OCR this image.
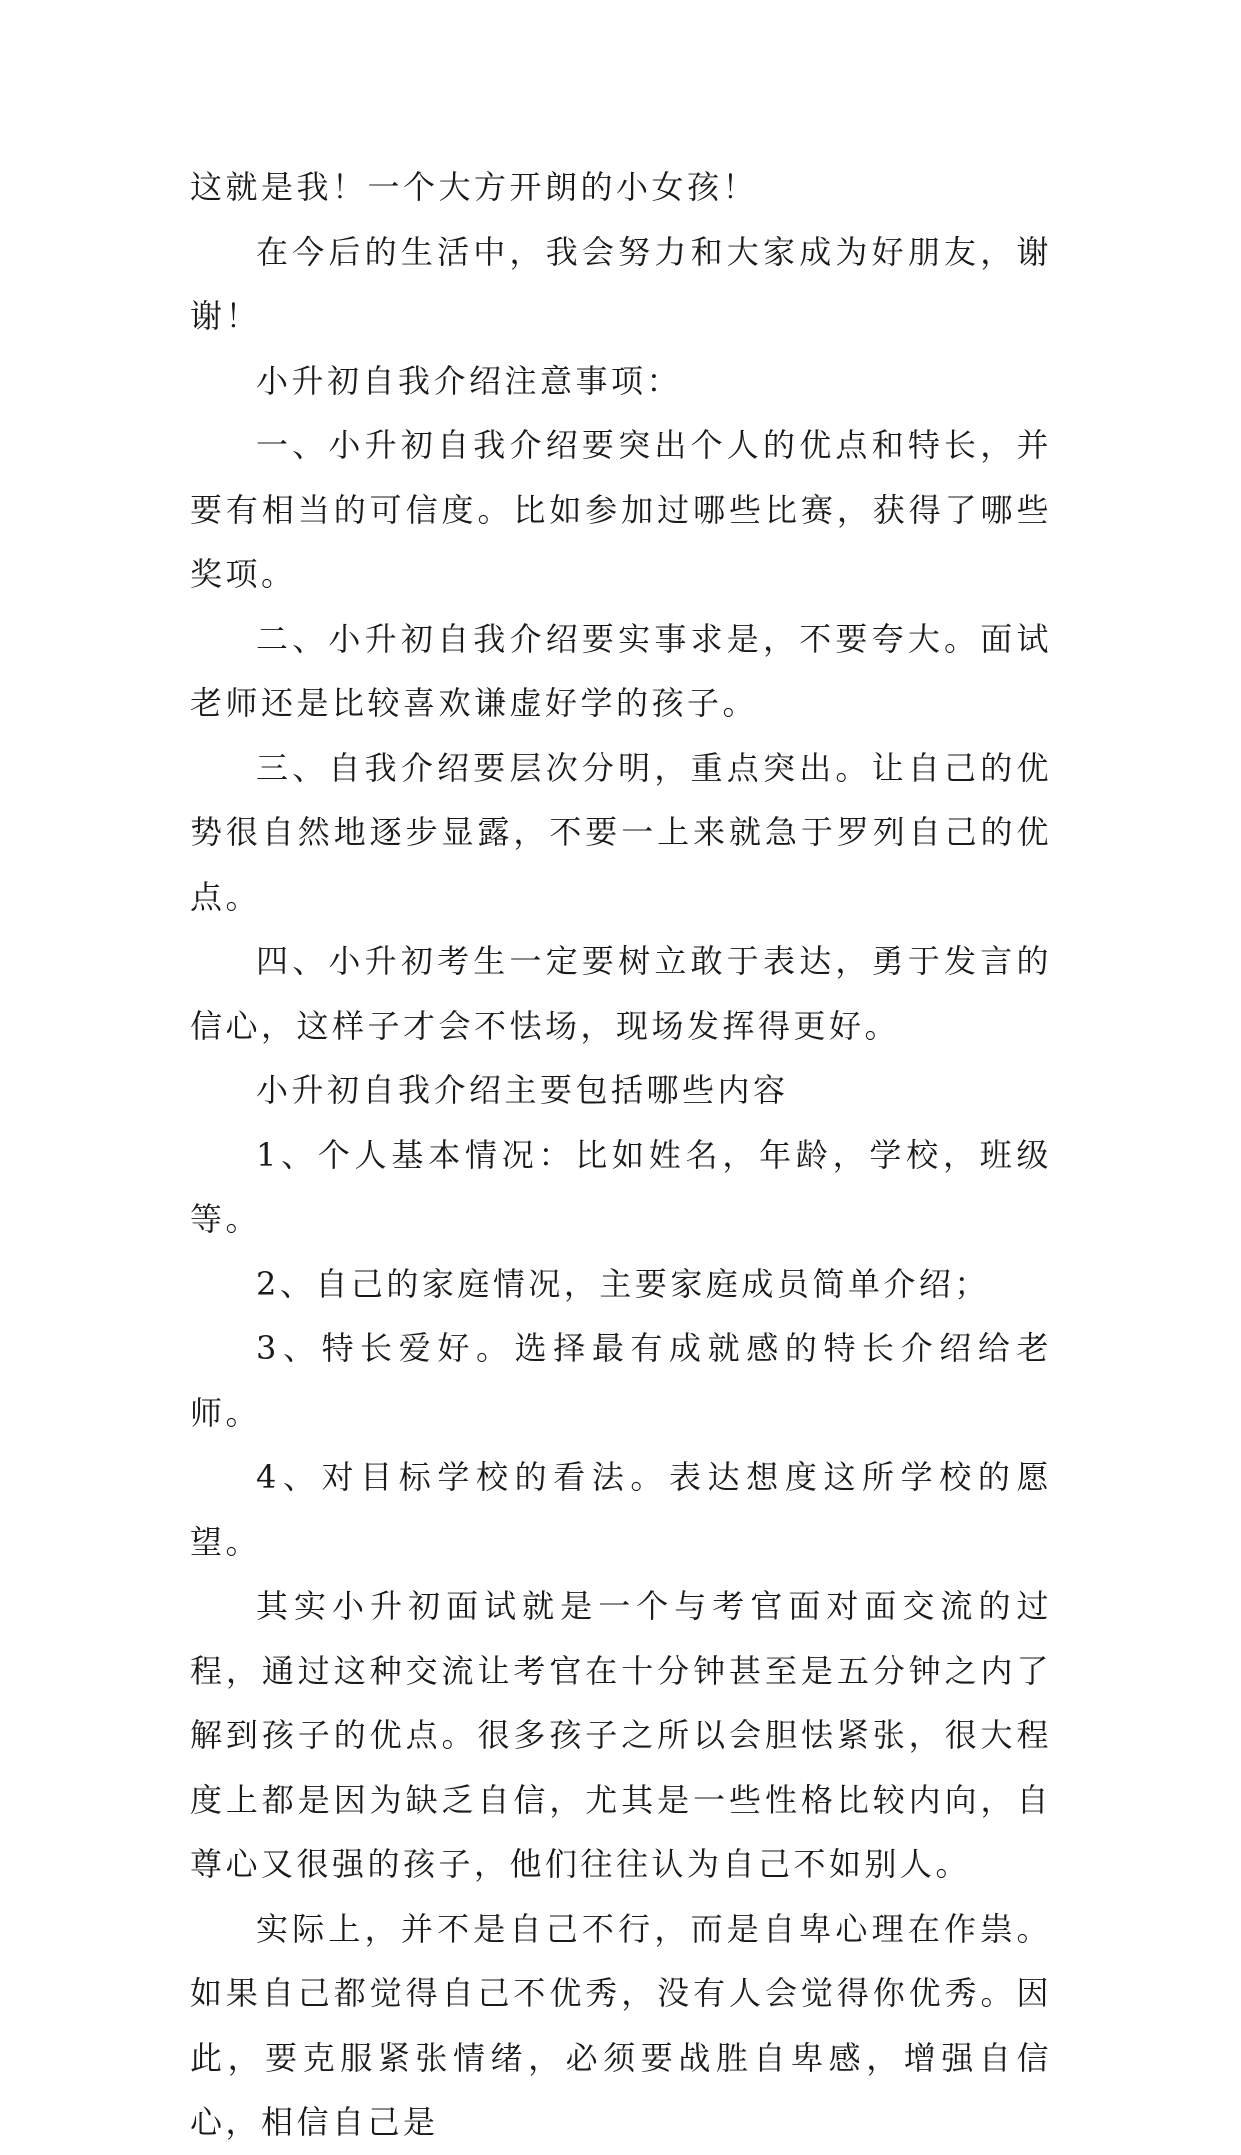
这就是我！一个大方开朗的小女孩！

在今后的生活中，我会努力和大家成为好朋友，谢谢！

小升初自我介绍注意事项：

一、小升初自我介绍要突出个人的优点和特长，并要有相当的可信度。比如参加过哪些比赛，获得了哪些奖项。

二、小升初自我介绍要实事求是，不要夸大。面试老师还是比较喜欢谦虚好学的孩子。

三、自我介绍要层次分明，重点突出。让自己的优势很自然地逐步显露，不要一上来就急于罗列自己的优点。

四、小升初考生一定要树立敢于表达，勇于发言的信心，这样子才会不怯场，现场发挥得更好。

小升初自我介绍主要包括哪些内容

1、个人基本情况：比如姓名，年龄，学校，班级等。

2、自己的家庭情况，主要家庭成员简单介绍；

3、特长爱好。选择最有成就感的特长介绍给老师。

4、对目标学校的看法。表达想度这所学校的愿望。

其实小升初面试就是一个与考官面对面交流的过程，通过这种交流让考官在十分钟甚至是五分钟之内了解到孩子的优点。很多孩子之所以会胆怯紧张，很大程度上都是因为缺乏自信，尤其是一些性格比较内向，自尊心又很强的孩子，他们往往认为自己不如别人。

实际上，并不是自己不行，而是自卑心理在作祟。如果自己都觉得自己不优秀，没有人会觉得你优秀。因此，要克服紧张情绪，必须要战胜自卑感，增强自信心，相信自己是
